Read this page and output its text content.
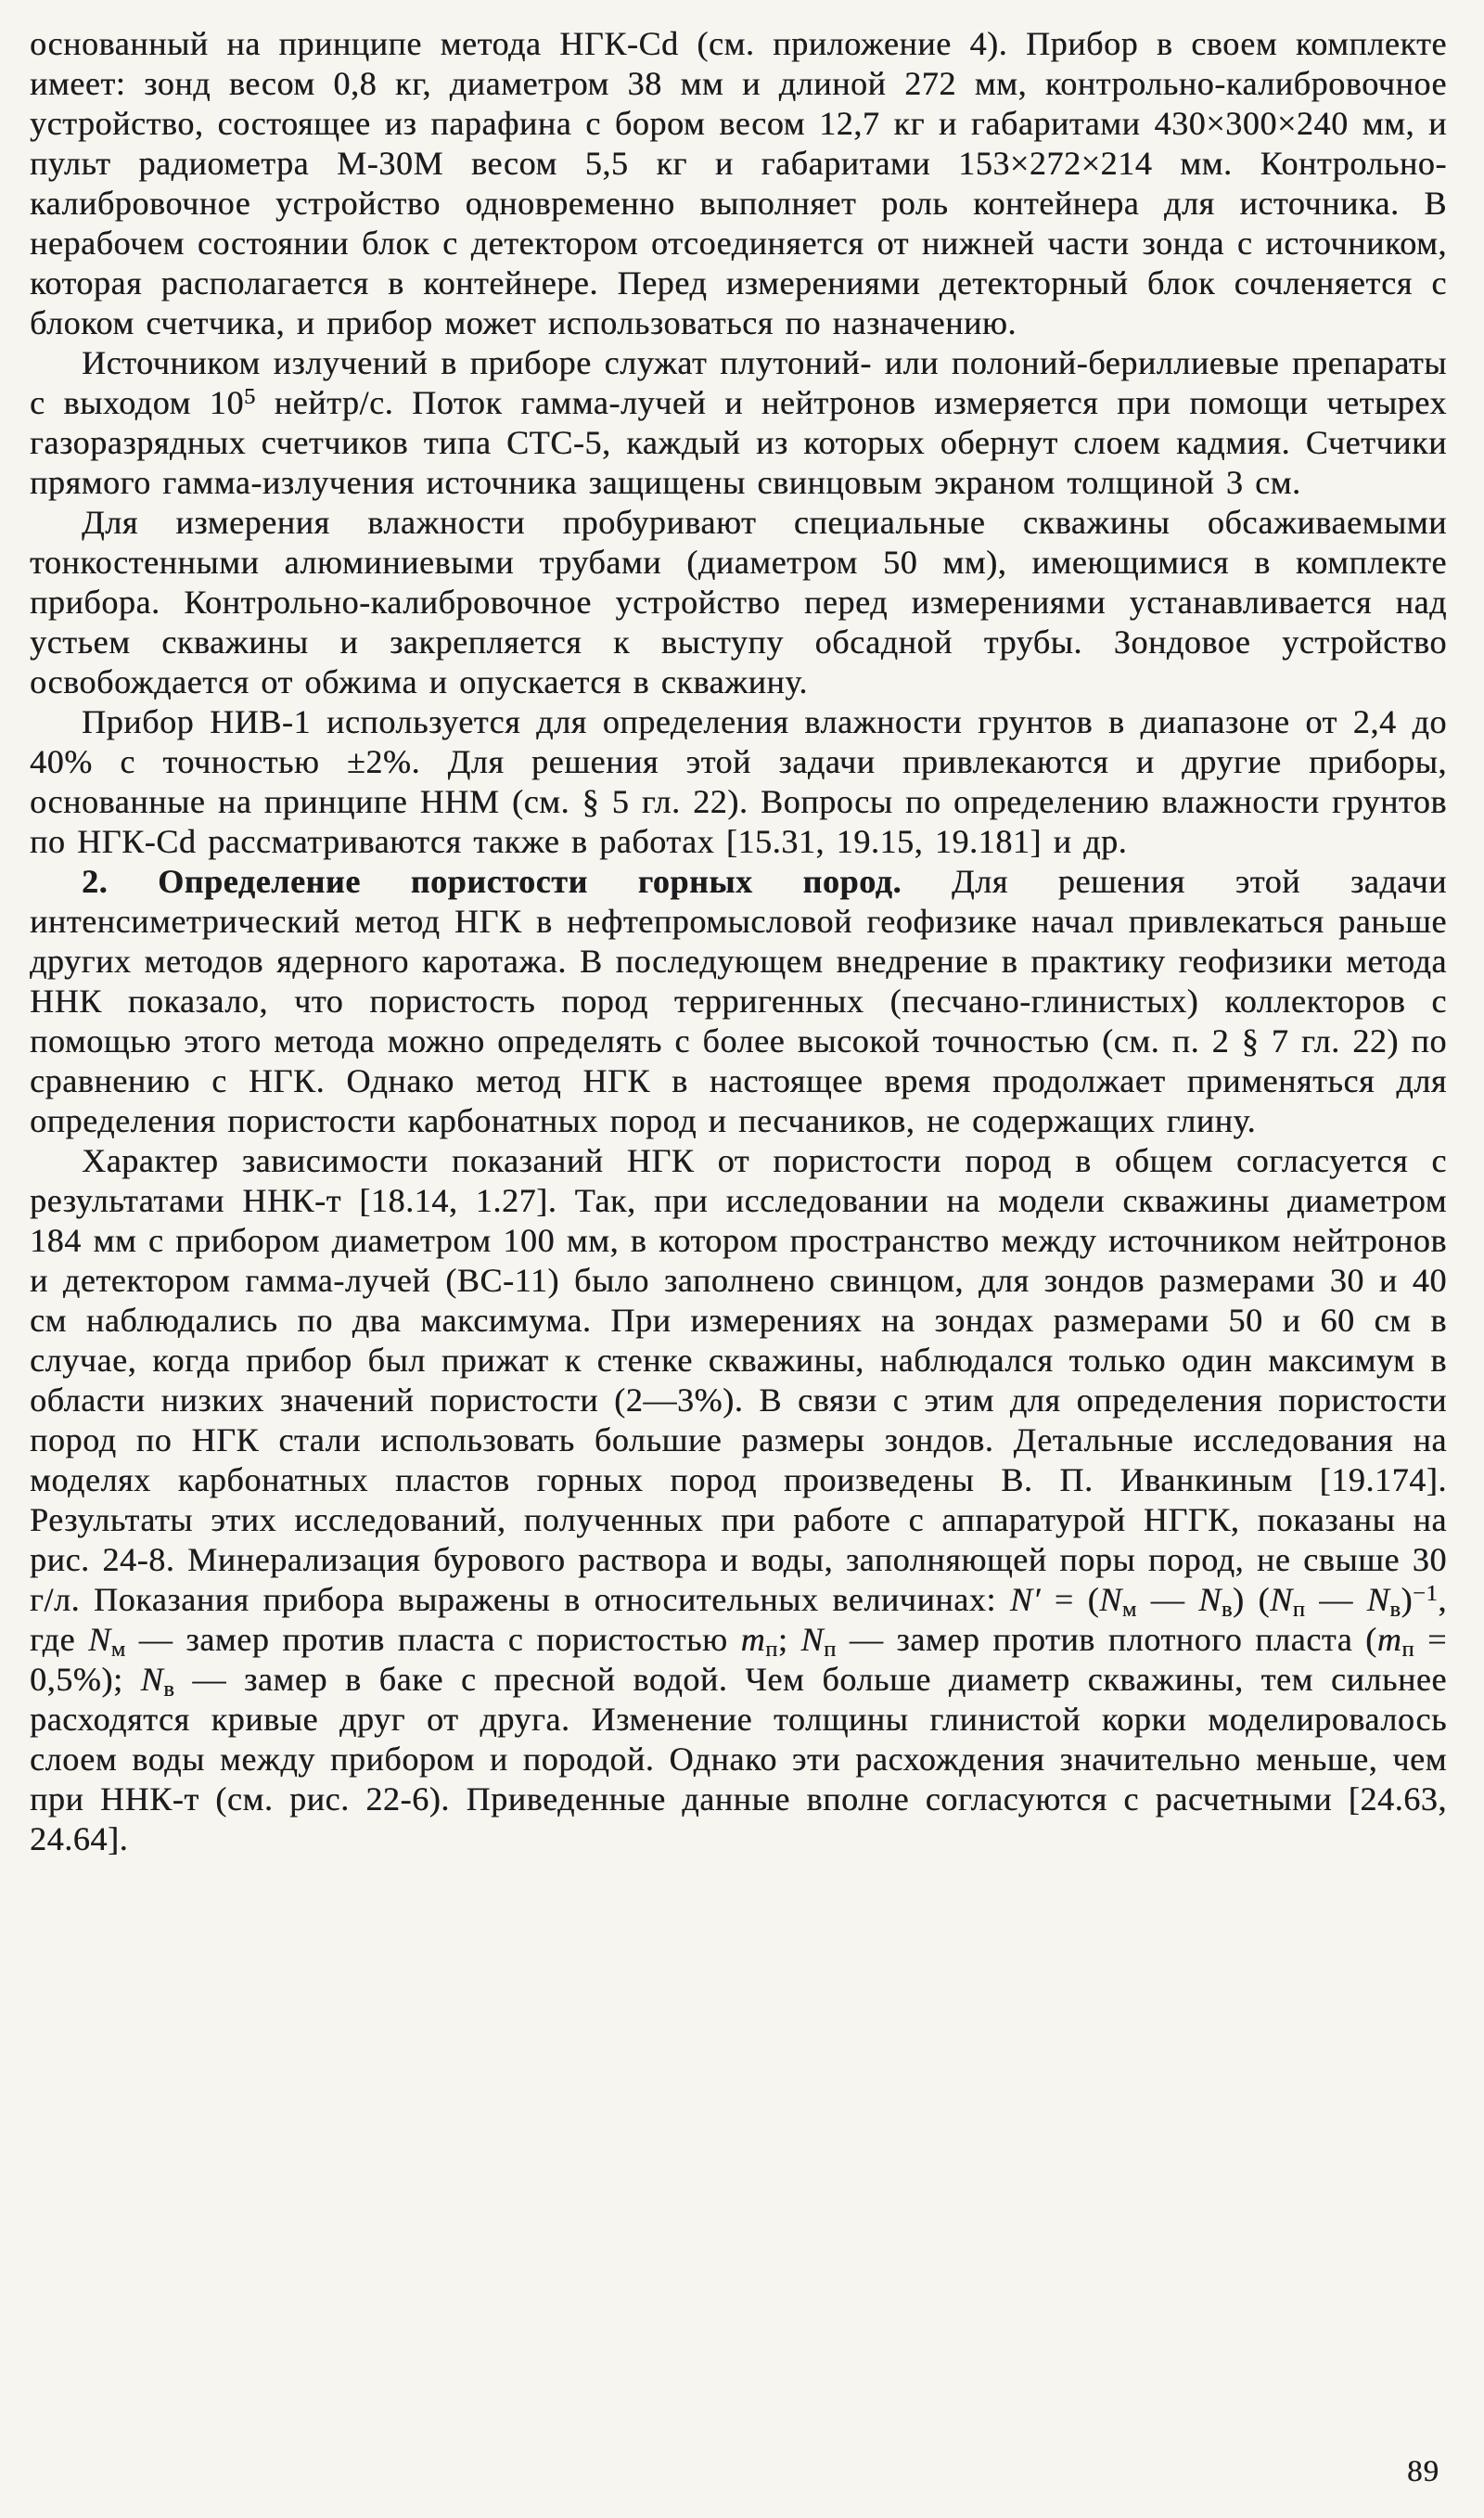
основанный на принципе метода НГК-Cd (см. приложение 4). Прибор в своем комплекте имеет: зонд весом 0,8 кг, диаметром 38 мм и длиной 272 мм, контрольно-калибровочное устройство, состоящее из парафина с бором весом 12,7 кг и габаритами 430×300×240 мм, и пульт радиометра М-30М весом 5,5 кг и габаритами 153×272×214 мм. Контрольно-калибровочное устройство одновременно выполняет роль контейнера для источника. В нерабочем состоянии блок с детектором отсоединяется от нижней части зонда с источником, которая располагается в контейнере. Перед измерениями детекторный блок сочленяется с блоком счетчика, и прибор может использоваться по назначению.

Источником излучений в приборе служат плутоний- или полоний-бериллиевые препараты с выходом $10^5$ нейтр/с. Поток гамма-лучей и нейтронов измеряется при помощи четырех газоразрядных счетчиков типа СТС-5, каждый из которых обернут слоем кадмия. Счетчики прямого гамма-излучения источника защищены свинцовым экраном толщиной 3 см.

Для измерения влажности пробуривают специальные скважины обсаживаемыми тонкостенными алюминиевыми трубами (диаметром 50 мм), имеющимися в комплекте прибора. Контрольно-калибровочное устройство перед измерениями устанавливается над устьем скважины и закрепляется к выступу обсадной трубы. Зондовое устройство освобождается от обжима и опускается в скважину.

Прибор НИВ-1 используется для определения влажности грунтов в диапазоне от 2,4 до 40% с точностью ±2%. Для решения этой задачи привлекаются и другие приборы, основанные на принципе ННМ (см. § 5 гл. 22). Вопросы по определению влажности грунтов по НГК-Cd рассматриваются также в работах [15.31, 19.15, 19.181] и др.

2. Определение пористости горных пород. Для решения этой задачи интенсиметрический метод НГК в нефтепромысловой геофизике начал привлекаться раньше других методов ядерного каротажа. В последующем внедрение в практику геофизики метода ННК показало, что пористость пород терригенных (песчано-глинистых) коллекторов с помощью этого метода можно определять с более высокой точностью (см. п. 2 § 7 гл. 22) по сравнению с НГК. Однако метод НГК в настоящее время продолжает применяться для определения пористости карбонатных пород и песчаников, не содержащих глину.

Характер зависимости показаний НГК от пористости пород в общем согласуется с результатами ННК-т [18.14, 1.27]. Так, при исследовании на модели скважины диаметром 184 мм с прибором диаметром 100 мм, в котором пространство между источником нейтронов и детектором гамма-лучей (ВС-11) было заполнено свинцом, для зондов размерами 30 и 40 см наблюдались по два максимума. При измерениях на зондах размерами 50 и 60 см в случае, когда прибор был прижат к стенке скважины, наблюдался только один максимум в области низких значений пористости (2—3%). В связи с этим для определения пористости пород по НГК стали использовать большие размеры зондов. Детальные исследования на моделях карбонатных пластов горных пород произведены В. П. Иванкиным [19.174]. Результаты этих исследований, полученных при работе с аппаратурой НГГК, показаны на рис. 24-8. Минерализация бурового раствора и воды, заполняющей поры пород, не свыше 30 г/л. Показания прибора выражены в относительных величинах: $N' = (N_м$ — $N_в$) ($N_п$ — $N_в)^{-1}$, где $N_м$ — замер против пласта с пористостью $m_п$; $N_п$ — замер против плотного пласта $(m_п = 0,5\%)$; $N_в$ — замер в баке с пресной водой. Чем больше диаметр скважины, тем сильнее расходятся кривые друг от друга. Изменение толщины глинистой корки моделировалось слоем воды между прибором и породой. Однако эти расхождения значительно меньше, чем при ННК-т (см. рис. 22-6). Приведенные данные вполне согласуются с расчетными [24.63, 24.64].

89
